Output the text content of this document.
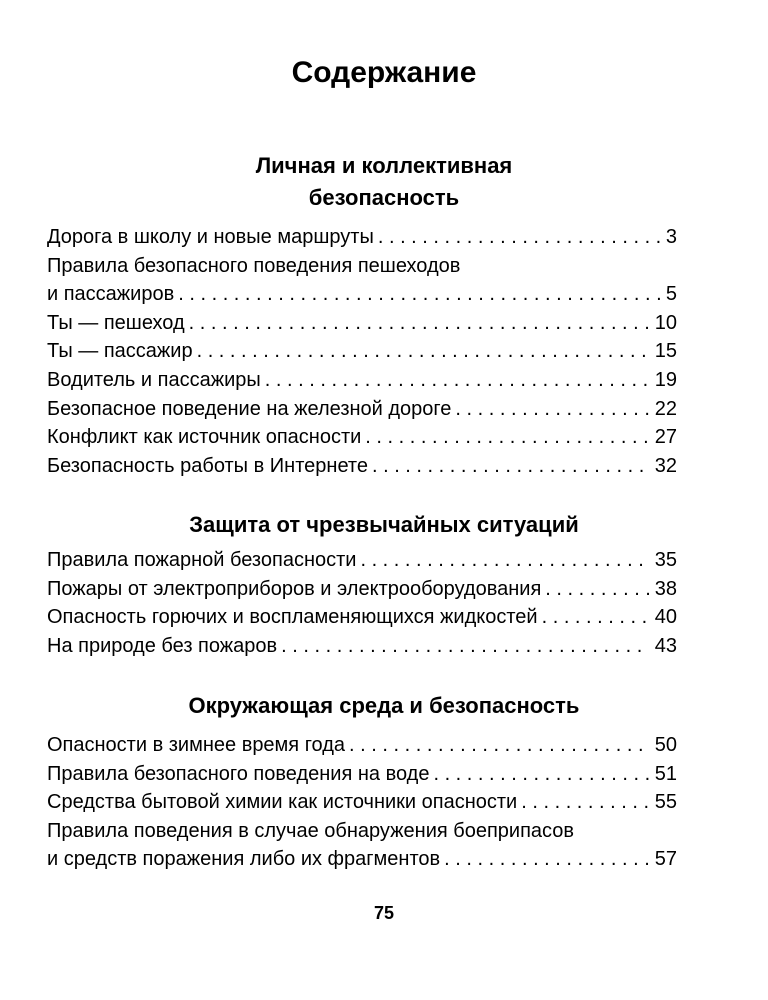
Содержание
Личная и коллективная
безопасность
Дорога в школу и новые маршруты . . .	3
Правила безопасного поведения пешеходов
и пассажиров . . .	5
Ты — пешеход . . .	10
Ты — пассажир . . .	15
Водитель и пассажиры . . .	19
Безопасное поведение на железной дороге . . .	22
Конфликт как источник опасности . . .	27
Безопасность работы в Интернете . . .	32
Защита от чрезвычайных ситуаций
Правила пожарной безопасности . . .	35
Пожары от электроприборов и электрооборудования . . .	38
Опасность горючих и воспламеняющихся жидкостей . . .	40
На природе без пожаров . . .	43
Окружающая среда и безопасность
Опасности в зимнее время года . . .	50
Правила безопасного поведения на воде . . .	51
Средства бытовой химии как источники опасности . . .	55
Правила поведения в случае обнаружения боеприпасов
и средств поражения либо их фрагментов . . .	57
75
